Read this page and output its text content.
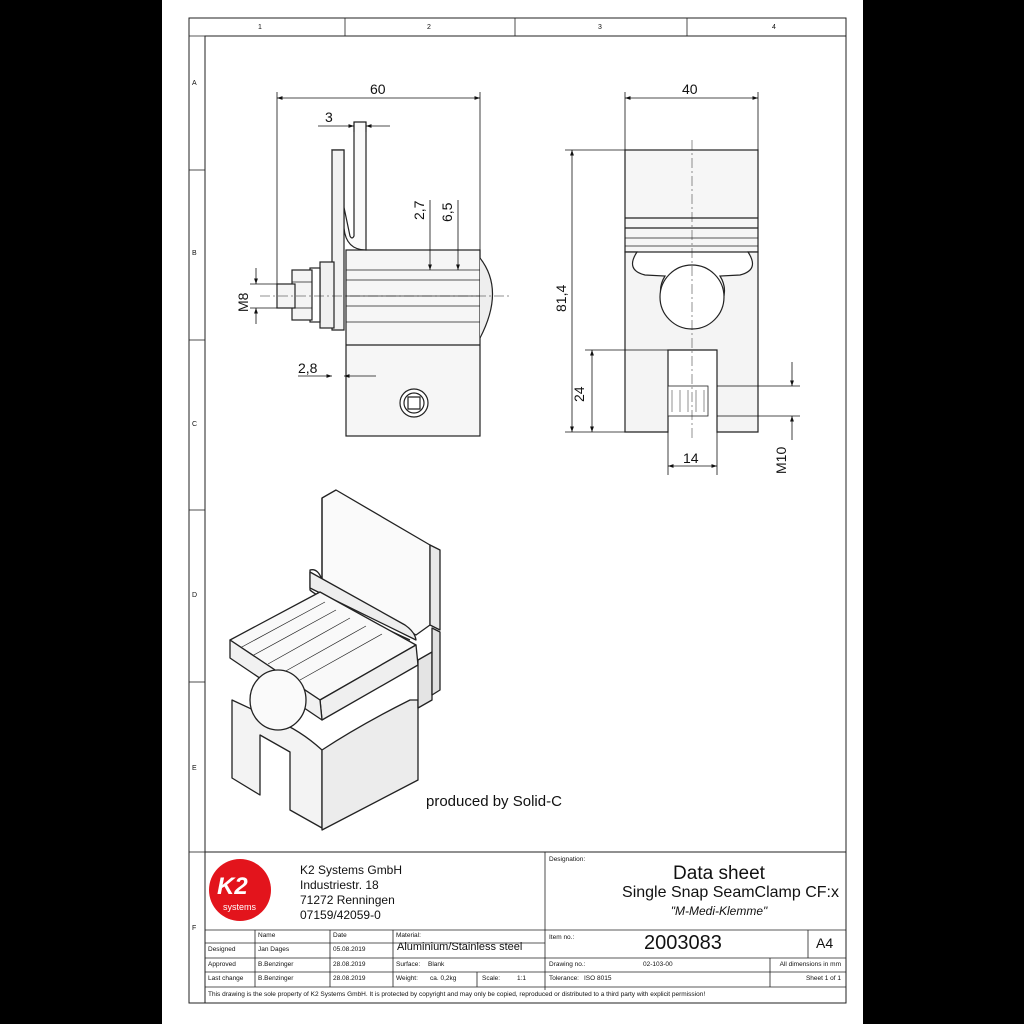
1	2	3	4
A
B
C
D
E
F
60
3
2,7 6,5
M8
2,8
40
81,4
24
14	M10
produced by Solid-C
K2
systems
K2 Systems GmbH
Industriestr. 18
71272 Renningen
07159/42059-0
Designation:
Data sheet
Single Snap SeamClamp CF:x
"M-Medi-Klemme"
Name	Date	Material:	Item no.:
Designed	Jan Dages	05.08.2019
Approved	B.Benzinger	28.08.2019
Last change B.Benzinger	28.08.2019
Aluminium/Stainless steel	2003083	A4
Surface: Blank
Weight: ca. 0,2kg	Scale:	1:1
Drawing no.:	02-103-00
Tolerance: ISO 8015
All dimensions in mm
Sheet 1 of 1
This drawing is the sole property of K2 Systems GmbH. It is protected by copyright and may only be copied, reproduced or distributed to a third party with explicit permission!
